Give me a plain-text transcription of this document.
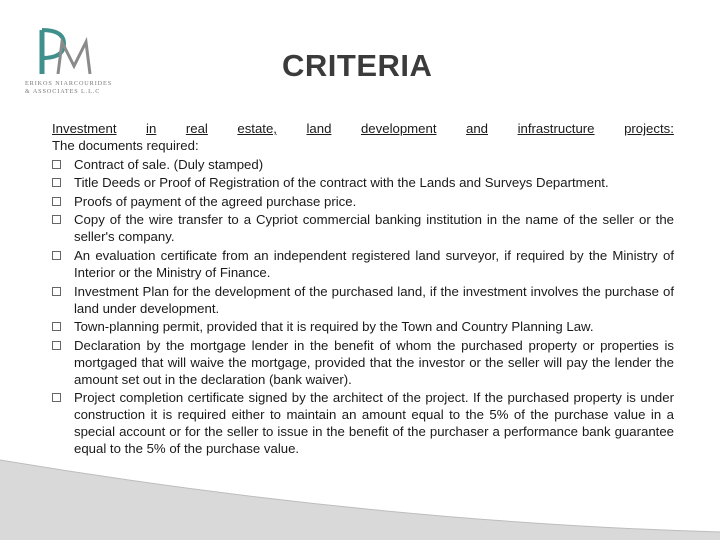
ERIKOS NIARCOURIDES
& ASSOCIATES L.L.C
CRITERIA
Investment in real estate, land development and infrastructure projects:

The documents required:

Contract of sale. (Duly stamped)
Title Deeds or Proof of Registration of the contract with the Lands and Surveys Department.
Proofs of payment of the agreed purchase price.
Copy of the wire transfer to a Cypriot commercial banking institution in the name of the seller or the seller's company.
An evaluation certificate from an independent registered land surveyor, if required by the Ministry of Interior or the Ministry of Finance.
Investment Plan for the development of the purchased land, if the investment involves the purchase of land under development.
Town-planning permit, provided that it is required by the Town and Country Planning Law.
Declaration by the mortgage lender in the benefit of whom the purchased property or properties is mortgaged that will waive the mortgage, provided that the investor or the seller will pay the lender the amount set out in the declaration (bank waiver).
Project completion certificate signed by the architect of the project. If the purchased property is under construction it is required either to maintain an amount equal to the 5% of the purchase value in a special account or for the seller to issue in the benefit of the purchaser a performance bank guarantee equal to the 5% of the purchase value.
